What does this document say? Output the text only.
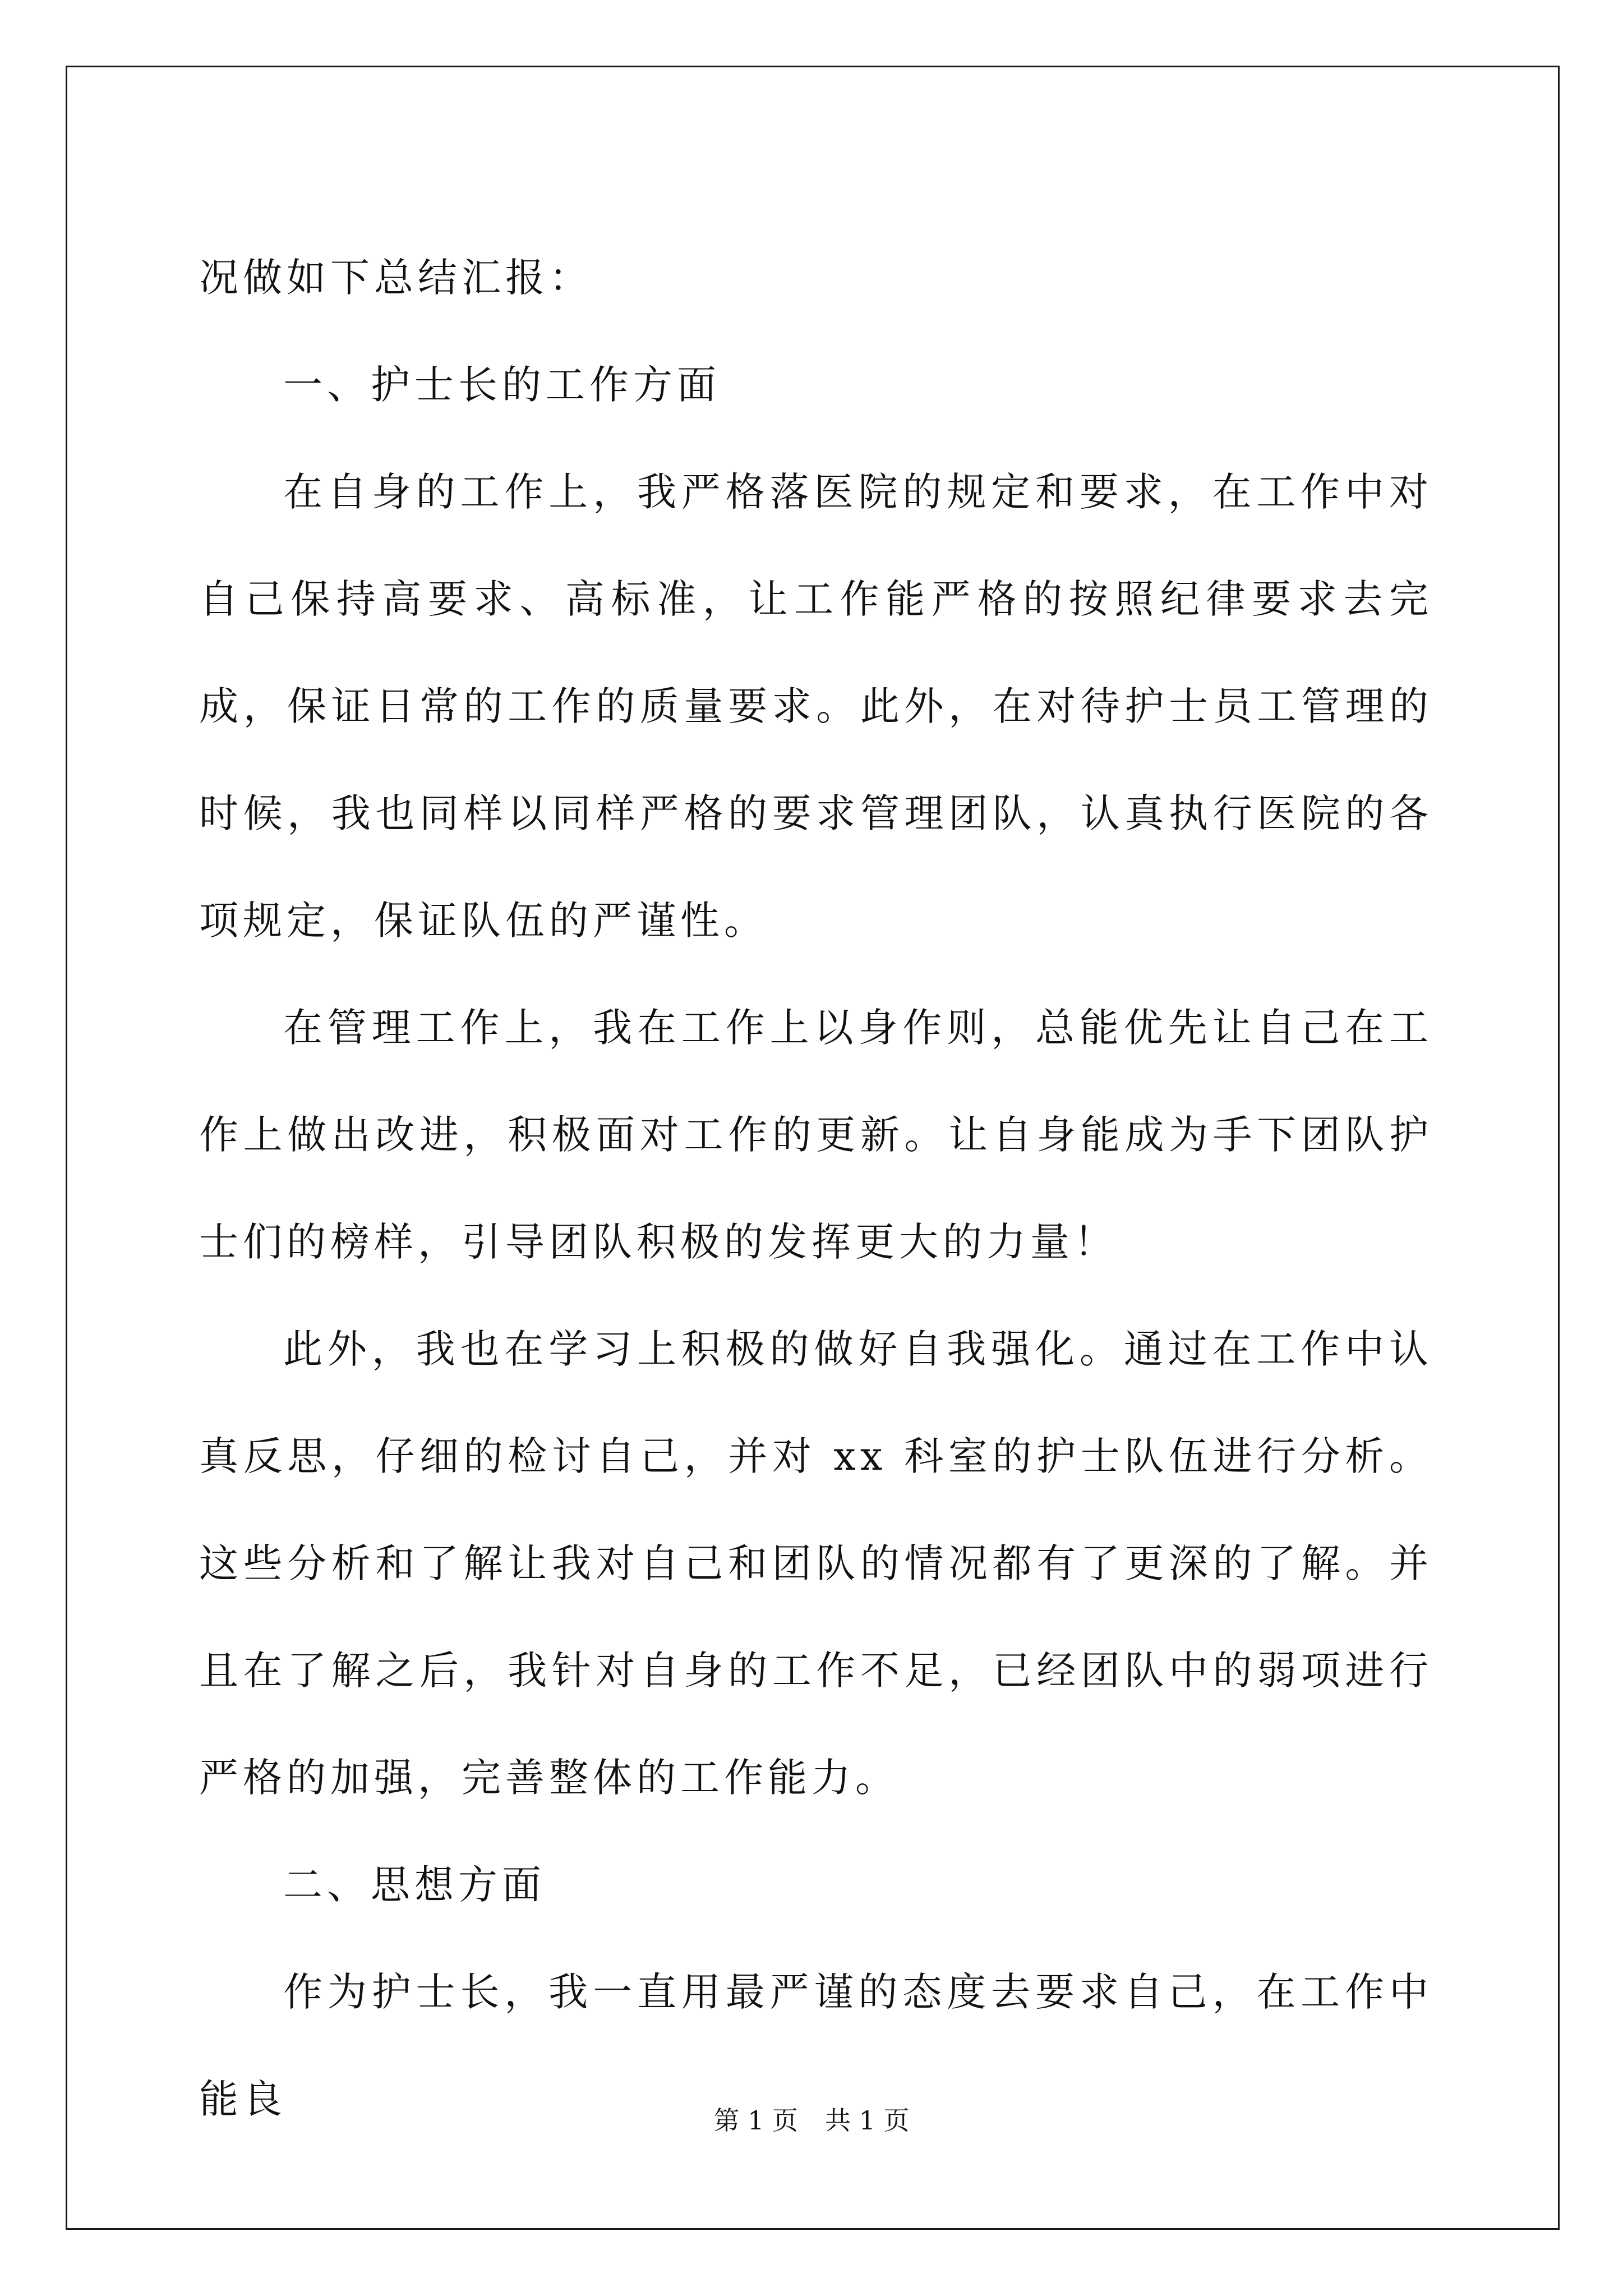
况做如下总结汇报：

一、护士长的工作方面

在自身的工作上，我严格落医院的规定和要求，在工作中对自己保持高要求、高标准，让工作能严格的按照纪律要求去完成，保证日常的工作的质量要求。此外，在对待护士员工管理的时候，我也同样以同样严格的要求管理团队，认真执行医院的各项规定，保证队伍的严谨性。

在管理工作上，我在工作上以身作则，总能优先让自己在工作上做出改进，积极面对工作的更新。让自身能成为手下团队护士们的榜样，引导团队积极的发挥更大的力量！

此外，我也在学习上积极的做好自我强化。通过在工作中认真反思，仔细的检讨自己，并对 xx 科室的护士队伍进行分析。这些分析和了解让我对自己和团队的情况都有了更深的了解。并且在了解之后，我针对自身的工作不足，已经团队中的弱项进行严格的加强，完善整体的工作能力。

二、思想方面

作为护士长，我一直用最严谨的态度去要求自己，在工作中能良	第 1 页 共 1 页
